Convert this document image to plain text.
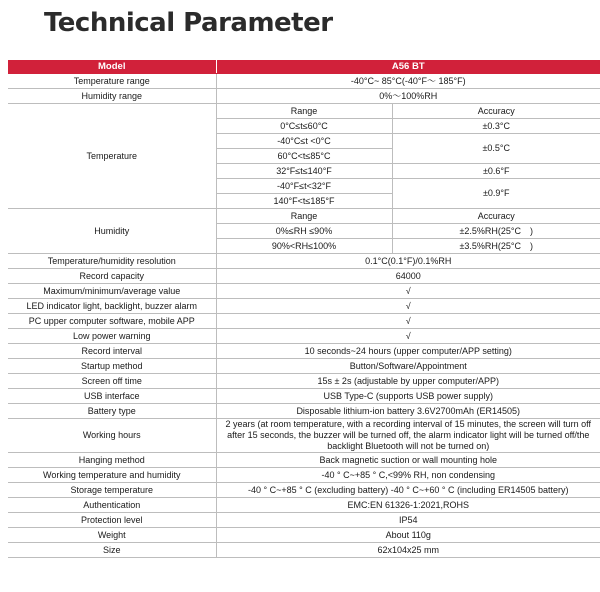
Technical Parameter
Model	A56 BT	
Temperature range	-40°C~ 85°C(-40°F～ 185°F)	
Humidity range	0%～100%RH	
Temperature	Range	Accuracy
	0°C≤t≤60°C	±0.3°C
	-40°C≤t <0°C	±0.5°C
	60°C<t≤85°C	
	32°F≤t≤140°F	±0.6°F
	-40°F≤t<32°F	±0.9°F
	140°F<t≤185°F	
Humidity	Range	Accuracy
	0%≤RH ≤90%	±2.5%RH(25°C　)
	90%<RH≤100%	±3.5%RH(25°C　)
Temperature/humidity resolution	0.1°C(0.1°F)/0.1%RH	
Record capacity	64000	
Maximum/minimum/average value	√	
LED indicator light, backlight, buzzer alarm	√	
PC upper computer software, mobile APP	√	
Low power warning	√	
Record interval	10 seconds~24 hours (upper computer/APP setting)	
Startup method	Button/Software/Appointment	
Screen off time	15s ± 2s (adjustable by upper computer/APP)	
USB interface	USB Type-C (supports USB power supply)	
Battery type	Disposable lithium-ion battery 3.6V2700mAh (ER14505)	
Working hours	2 years (at room temperature, with a recording interval of 15 minutes, the screen will turn off after 15 seconds, the buzzer will be turned off, the alarm indicator light will be turned off/the backlight Bluetooth will not be turned on)	
Hanging method	Back magnetic suction or wall mounting hole	
Working temperature and humidity	-40 ° C~+85 ° C,<99% RH, non condensing	
Storage temperature	-40 ° C~+85 ° C (excluding battery) -40 ° C~+60 ° C (including ER14505 battery)	
Authentication	EMC:EN 61326-1:2021,ROHS	
Protection level	IP54	
Weight	About 110g	
Size	62x104x25 mm	
